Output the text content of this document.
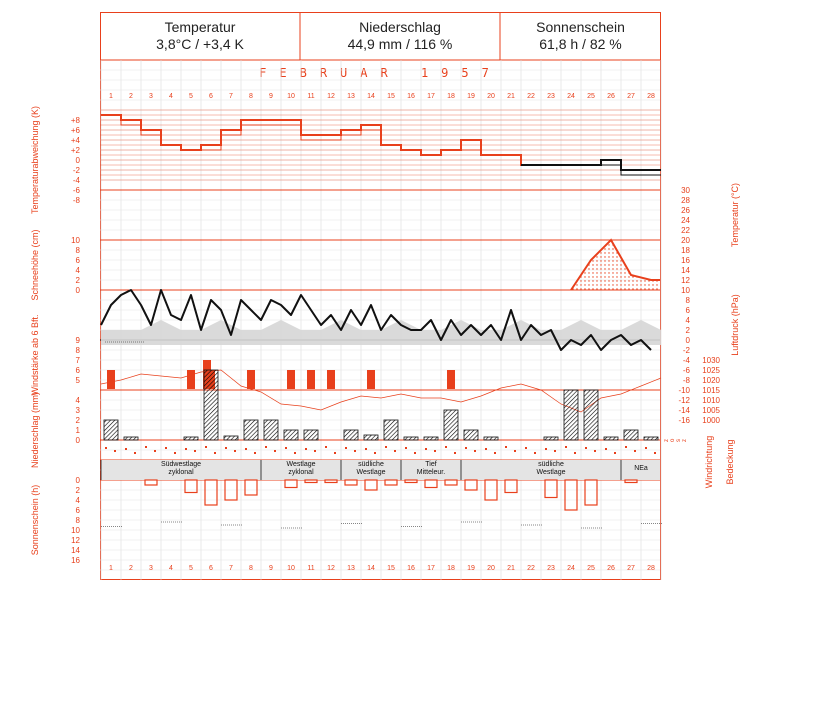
Temperatur
3,8°C / +3,4 K
Niederschlag
44,9 mm / 116 %
Sonnenschein
61,8 h / 82 %
FEBRUAR 1957
1
1
2
2
3
3
4
4
5
5
6
6
7
7
8
8
9
9
10
10
11
11
12
12
13
13
14
14
15
15
16
16
17
17
18
18
19
19
20
20
21
21
22
22
23
23
24
24
25
25
26
26
27
27
28
28
+8
+6
+4
+2
0
-2
-4
-6
-8
30
28
26
24
22
20
18
16
14
12
10
8
6
4
2
0
-2
-4
-6
-8
-10
-12
-14
-16
10
8
6
4
2
0
9
8
7
6
5
1030
1025
1020
1015
1010
1005
1000
4
3
2
1
0	z o s z
Südwestlage
zyklonal
Westlage
zyklonal
südliche
Westlage
Tief
Mitteleur.
südliche
Westlage
NEa
0
2
4
6
8
10
12
14
16
Temperaturabweichung (K)
Schneehöhe (cm)
Windstärke ab 6 Bft.
Niederschlag (mm)
Sonnenschein (h)
Temperatur (°C)
Luftdruck (hPa)
Windrichtung Bedeckung
